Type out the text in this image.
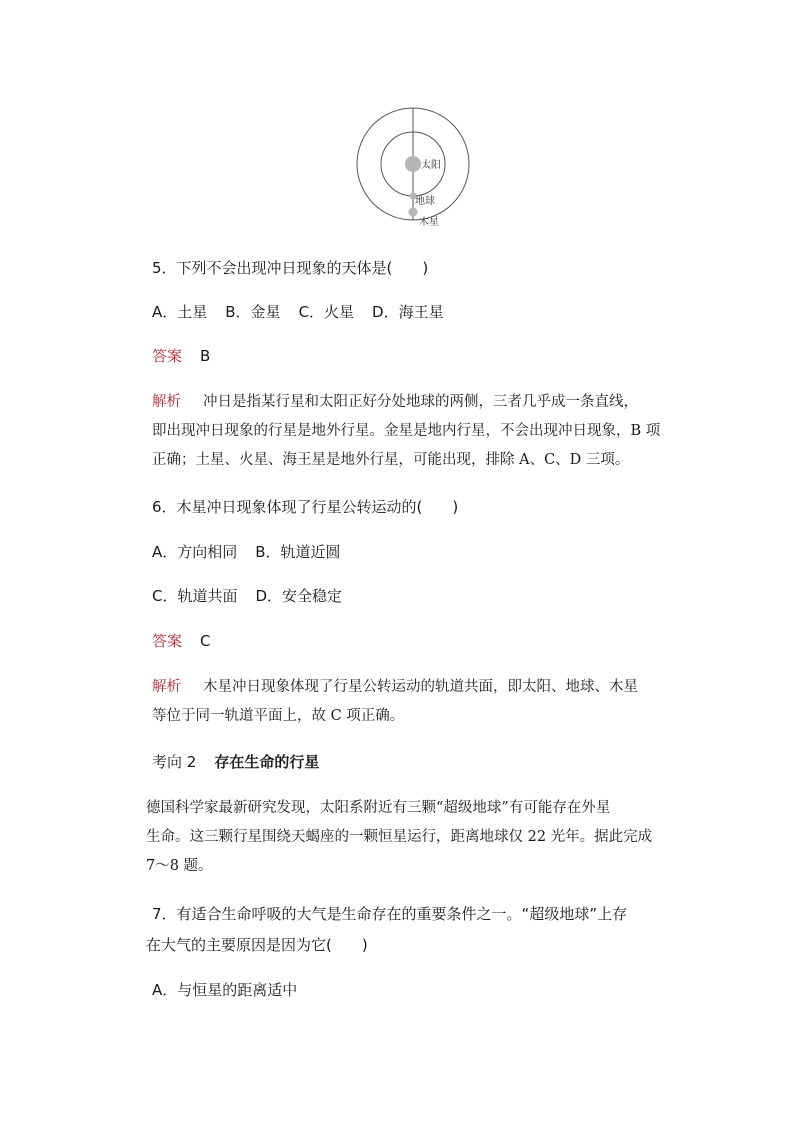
太阳
地球
木星
5．下列不会出现冲日现象的天体是(　　)
A．土星 B．金星 C．火星 D．海王星
答案 B
解析 冲日是指某行星和太阳正好分处地球的两侧，三者几乎成一条直线，
即出现冲日现象的行星是地外行星。金星是地内行星，不会出现冲日现象，B 项
正确；土星、火星、海王星是地外行星，可能出现，排除 A、C、D 三项。
6．木星冲日现象体现了行星公转运动的(　　)
A．方向相同 B．轨道近圆
C．轨道共面 D．安全稳定
答案 C
解析 木星冲日现象体现了行星公转运动的轨道共面，即太阳、地球、木星
等位于同一轨道平面上，故 C 项正确。
考向 2 存在生命的行星
德国科学家最新研究发现，太阳系附近有三颗“超级地球”有可能存在外星
生命。这三颗行星围绕天蝎座的一颗恒星运行，距离地球仅 22 光年。据此完成
7～8 题。
7．有适合生命呼吸的大气是生命存在的重要条件之一。“超级地球”上存
在大气的主要原因是因为它(　　)
A．与恒星的距离适中
